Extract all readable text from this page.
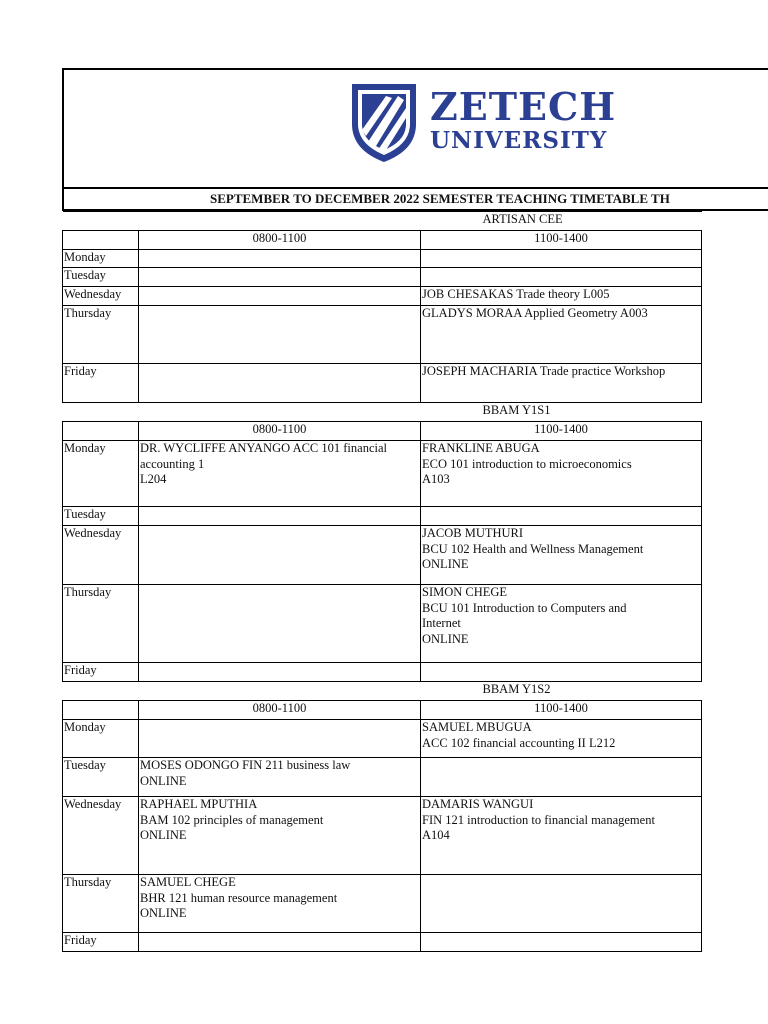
ZETECH
UNIVERSITY
SEPTEMBER TO DECEMBER 2022 SEMESTER TEACHING TIMETABLE TH
ARTISAN CEE		
	0800-1100	1100-1400
Monday		
Tuesday		
Wednesday		JOB CHESAKAS Trade theory L005

Thursday		GLADYS MORAA Applied Geometry A003

Friday		JOSEPH MACHARIA Trade practice Workshop

BBAM Y1S1		
	0800-1100	1100-1400
Monday	DR. WYCLIFFE ANYANGO ACC 101 financial
accounting 1
L204	FRANKLINE ABUGA
ECO 101 introduction to microeconomics
A103

Tuesday		
Wednesday		JACOB MUTHURI
BCU 102 Health and Wellness Management
ONLINE

Thursday		SIMON CHEGE
BCU 101 Introduction to Computers and
Internet
ONLINE

Friday		
BBAM Y1S2		
	0800-1100	1100-1400
Monday		SAMUEL MBUGUA
ACC 102 financial accounting II L212

Tuesday	MOSES ODONGO FIN 211 business law
ONLINE	

Wednesday	RAPHAEL MPUTHIA
BAM 102 principles of management
ONLINE	DAMARIS WANGUI
FIN 121 introduction to financial management
A104

Thursday	SAMUEL CHEGE
BHR 121 human resource management
ONLINE	

Friday		
